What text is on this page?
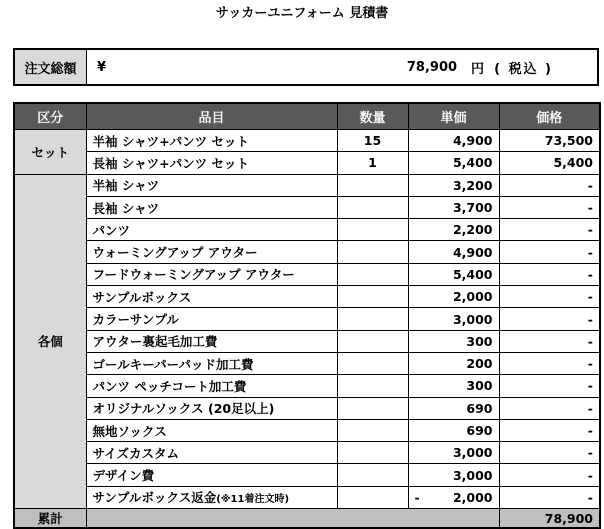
サッカーユニフォーム 見積書
注文総額	¥	78,900 円 ( 税込 )
区分	品目	数量	単価	価格
セット	半袖 シャツ+パンツ セット	15	4,900	73,500
	長袖 シャツ+パンツ セット	1	5,400	5,400
各個	半袖 シャツ		3,200	-
	長袖 シャツ		3,700	-
	パンツ		2,200	-
	ウォーミングアップ アウター		4,900	-
	フードウォーミングアップ アウター		5,400	-
	サンプルボックス		2,000	-
	カラーサンプル		3,000	-
	アウター裏起毛加工費		300	-
	ゴールキーパーパッド加工費		200	-
	パンツ ペッチコート加工費		300	-
	オリジナルソックス (20足以上)		690	-
	無地ソックス		690	-
	サイズカスタム		3,000	-
	デザイン費		3,000	-
	サンプルボックス返金(※11着注文時)		- 2,000	-
累計				78,900
